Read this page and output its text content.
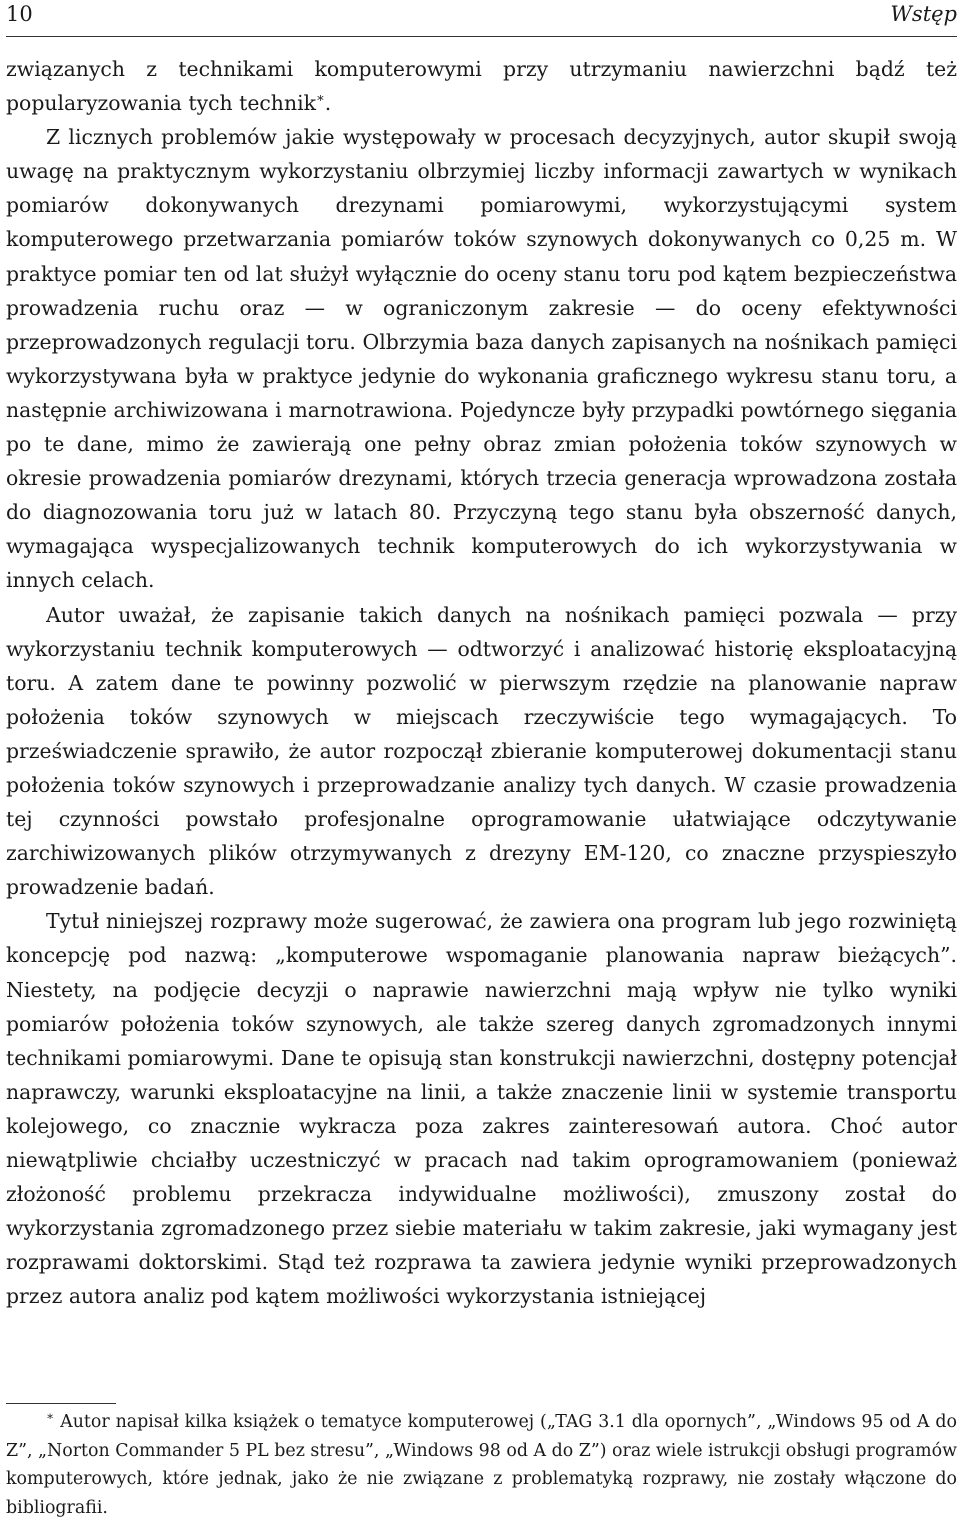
10	Wstęp

związanych z technikami komputerowymi przy utrzymaniu nawierzchni bądź też popularyzowania tych technik∗.

Z licznych problemów jakie występowały w procesach decyzyjnych, autor skupił swoją uwagę na praktycznym wykorzystaniu olbrzymiej liczby informacji zawartych w wynikach pomiarów dokonywanych drezynami pomiarowymi, wykorzystującymi system komputerowego przetwarzania pomiarów toków szynowych dokonywanych co 0,25 m. W praktyce pomiar ten od lat służył wyłącznie do oceny stanu toru pod kątem bezpieczeństwa prowadzenia ruchu oraz — w ograniczonym zakresie — do oceny efektywności przeprowadzonych regulacji toru. Olbrzymia baza danych zapisanych na nośnikach pamięci wykorzystywana była w praktyce jedynie do wykonania graficznego wykresu stanu toru, a następnie archiwizowana i marnotrawiona. Pojedyncze były przypadki powtórnego sięgania po te dane, mimo że zawierają one pełny obraz zmian położenia toków szynowych w okresie prowadzenia pomiarów drezynami, których trzecia generacja wprowadzona została do diagnozowania toru już w latach 80. Przyczyną tego stanu była obszerność danych, wymagająca wyspecjalizowanych technik komputerowych do ich wykorzystywania w innych celach.

Autor uważał, że zapisanie takich danych na nośnikach pamięci pozwala — przy wykorzystaniu technik komputerowych — odtworzyć i analizować historię eksploatacyjną toru. A zatem dane te powinny pozwolić w pierwszym rzędzie na planowanie napraw położenia toków szynowych w miejscach rzeczywiście tego wymagających. To przeświadczenie sprawiło, że autor rozpoczął zbieranie komputerowej dokumentacji stanu położenia toków szynowych i przeprowadzanie analizy tych danych. W czasie prowadzenia tej czynności powstało profesjonalne oprogramowanie ułatwiające odczytywanie zarchiwizowanych plików otrzymywanych z drezyny EM-120, co znaczne przyspieszyło prowadzenie badań.

Tytuł niniejszej rozprawy może sugerować, że zawiera ona program lub jego rozwiniętą koncepcję pod nazwą: „komputerowe wspomaganie planowania napraw bieżących”. Niestety, na podjęcie decyzji o naprawie nawierzchni mają wpływ nie tylko wyniki pomiarów położenia toków szynowych, ale także szereg danych zgromadzonych innymi technikami pomiarowymi. Dane te opisują stan konstrukcji nawierzchni, dostępny potencjał naprawczy, warunki eksploatacyjne na linii, a także znaczenie linii w systemie transportu kolejowego, co znacznie wykracza poza zakres zainteresowań autora. Choć autor niewątpliwie chciałby uczestniczyć w pracach nad takim oprogramowaniem (ponieważ złożoność problemu przekracza indywidualne możliwości), zmuszony został do wykorzystania zgromadzonego przez siebie materiału w takim zakresie, jaki wymagany jest rozprawami doktorskimi. Stąd też rozprawa ta zawiera jedynie wyniki przeprowadzonych przez autora analiz pod kątem możliwości wykorzystania istniejącej

∗ Autor napisał kilka książek o tematyce komputerowej („TAG 3.1 dla opornych”, „Windows 95 od A do Z”, „Norton Commander 5 PL bez stresu”, „Windows 98 od A do Z”) oraz wiele istrukcji obsługi programów komputerowych, które jednak, jako że nie związane z problematyką rozprawy, nie zostały włączone do bibliografii.
